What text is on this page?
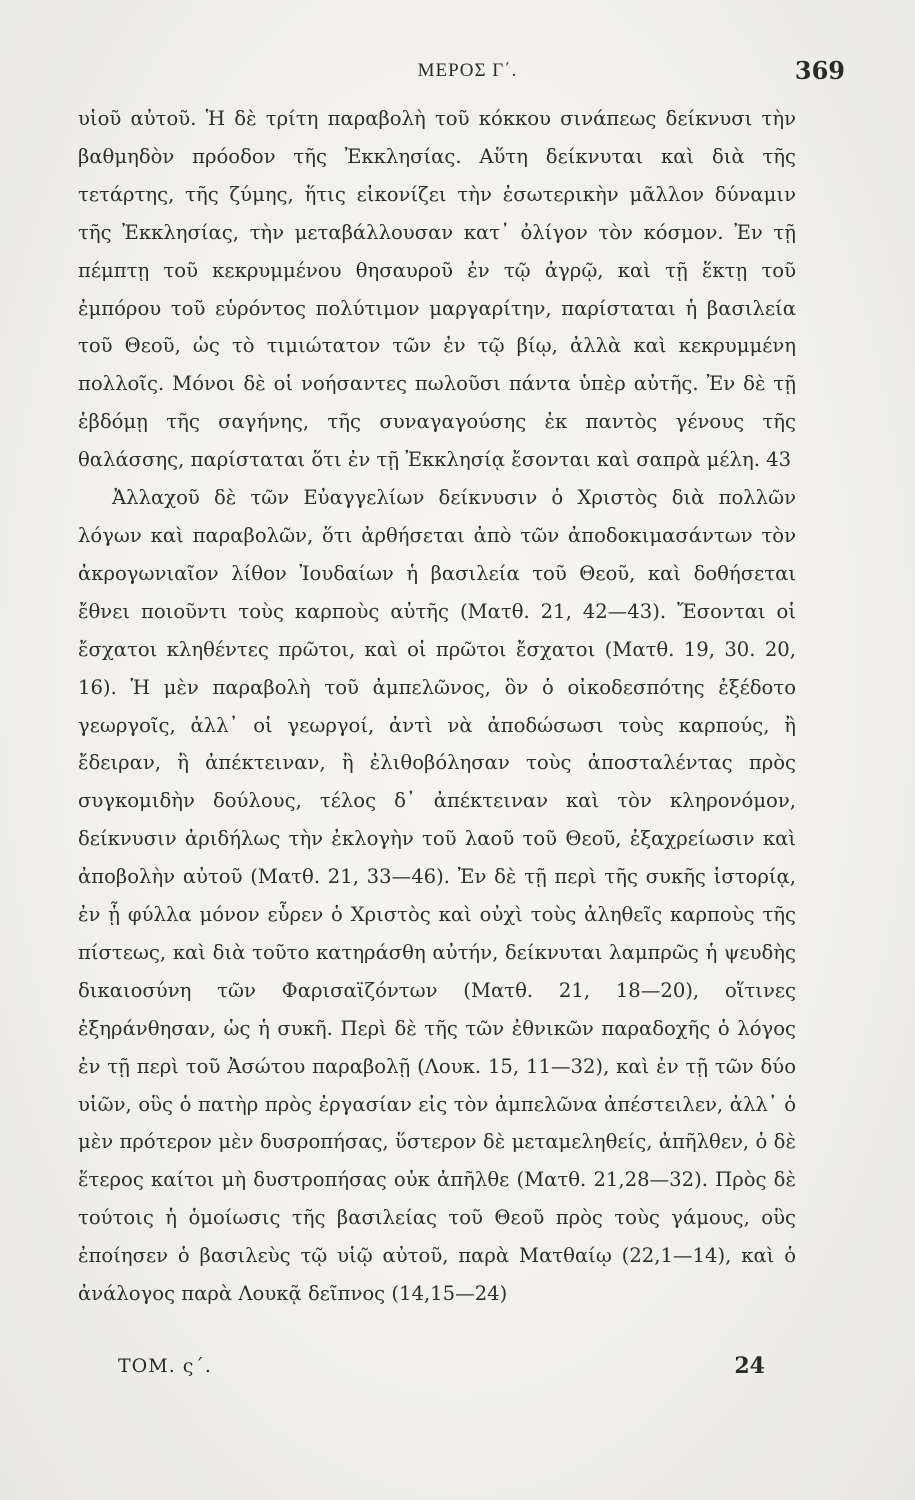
ΜΕΡΟΣ Γ΄.	369

υἱοῦ αὐτοῦ. Ἡ δὲ τρίτη παραβολὴ τοῦ κόκκου σινάπεως δείκνυσι τὴν βαθμηδὸν πρόοδον τῆς Ἐκκλησίας. Αὕτη δείκνυται καὶ διὰ τῆς τετάρτης, τῆς ζύμης, ἥτις εἰκονίζει τὴν ἐσωτερικὴν μᾶλλον δύναμιν τῆς Ἐκκλησίας, τὴν μεταβάλλουσαν κατ᾽ ὀλίγον τὸν κόσμον. Ἐν τῇ πέμπτῃ τοῦ κεκρυμμένου θησαυροῦ ἐν τῷ ἀγρῷ, καὶ τῇ ἕκτῃ τοῦ ἐμπόρου τοῦ εὑρόντος πολύτιμον μαργαρίτην, παρίσταται ἡ βασιλεία τοῦ Θεοῦ, ὡς τὸ τιμιώτατον τῶν ἐν τῷ βίῳ, ἀλλὰ καὶ κεκρυμμένη πολλοῖς. Μόνοι δὲ οἱ νοήσαντες πωλοῦσι πάντα ὑπὲρ αὐτῆς. Ἐν δὲ τῇ ἑβδόμῃ τῆς σαγήνης, τῆς συναγαγούσης ἐκ παντὸς γένους τῆς θαλάσσης, παρίσταται ὅτι ἐν τῇ Ἐκκλησίᾳ ἔσονται καὶ σαπρὰ μέλη. 43

Ἀλλαχοῦ δὲ τῶν Εὐαγγελίων δείκνυσιν ὁ Χριστὸς διὰ πολλῶν λόγων καὶ παραβολῶν, ὅτι ἀρθήσεται ἀπὸ τῶν ἀποδοκιμασάντων τὸν ἀκρογωνιαῖον λίθον Ἰουδαίων ἡ βασιλεία τοῦ Θεοῦ, καὶ δοθήσεται ἔθνει ποιοῦντι τοὺς καρποὺς αὐτῆς (Ματθ. 21, 42—43). Ἔσονται οἱ ἔσχατοι κληθέντες πρῶτοι, καὶ οἱ πρῶτοι ἔσχατοι (Ματθ. 19, 30. 20, 16). Ἡ μὲν παραβολὴ τοῦ ἀμπελῶνος, ὃν ὁ οἰκοδεσπότης ἐξέδοτο γεωργοῖς, ἀλλ᾽ οἱ γεωργοί, ἀντὶ νὰ ἀποδώσωσι τοὺς καρπούς, ἢ ἔδειραν, ἢ ἀπέκτειναν, ἢ ἐλιθοβόλησαν τοὺς ἀποσταλέντας πρὸς συγκομιδὴν δούλους, τέλος δ᾽ ἀπέκτειναν καὶ τὸν κληρονόμον, δείκνυσιν ἀριδήλως τὴν ἐκλογὴν τοῦ λαοῦ τοῦ Θεοῦ, ἐξαχρείωσιν καὶ ἀποβολὴν αὐτοῦ (Ματθ. 21, 33—46). Ἐν δὲ τῇ περὶ τῆς συκῆς ἱστορίᾳ, ἐν ᾗ φύλλα μόνον εὗρεν ὁ Χριστὸς καὶ οὐχὶ τοὺς ἀληθεῖς καρποὺς τῆς πίστεως, καὶ διὰ τοῦτο κατηράσθη αὐτήν, δείκνυται λαμπρῶς ἡ ψευδὴς δικαιοσύνη τῶν Φαρισαϊζόντων (Ματθ. 21, 18—20), οἵτινες ἐξηράνθησαν, ὡς ἡ συκῆ. Περὶ δὲ τῆς τῶν ἐθνικῶν παραδοχῆς ὁ λόγος ἐν τῇ περὶ τοῦ Ἀσώτου παραβολῇ (Λουκ. 15, 11—32), καὶ ἐν τῇ τῶν δύο υἱῶν, οὓς ὁ πατὴρ πρὸς ἐργασίαν εἰς τὸν ἀμπελῶνα ἀπέστειλεν, ἀλλ᾽ ὁ μὲν πρότερον μὲν δυσροπήσας, ὕστερον δὲ μεταμεληθείς, ἀπῆλθεν, ὁ δὲ ἕτερος καίτοι μὴ δυστροπήσας οὐκ ἀπῆλθε (Ματθ. 21,28—32). Πρὸς δὲ τούτοις ἡ ὁμοίωσις τῆς βασιλείας τοῦ Θεοῦ πρὸς τοὺς γάμους, οὓς ἐποίησεν ὁ βασιλεὺς τῷ υἱῷ αὐτοῦ, παρὰ Ματθαίῳ (22,1—14), καὶ ὁ ἀνάλογος παρὰ Λουκᾷ δεῖπνος (14,15—24)

ΤΟΜ. ς΄.	24
